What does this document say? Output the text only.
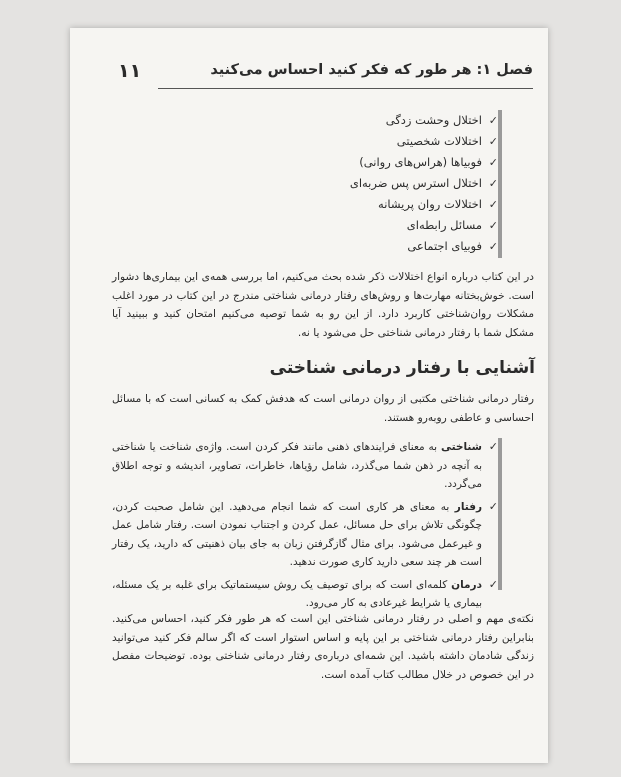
۱۱	فصل ۱: هر طور که فکر کنید احساس می‌کنید
✓
اختلال وحشت زدگی
✓
اختلالات شخصیتی
✓
فوبیاها (هراس‌های روانی)
✓
اختلال استرس پس ضربه‌ای
✓
اختلالات روان پریشانه
✓
مسائل رابطه‌ای
✓
فوبیای اجتماعی
در این کتاب درباره انواع اختلالات ذکر شده بحث می‌کنیم، اما بررسی همه‌ی این بیماری‌ها دشوار است. خوش‌بختانه مهارت‌ها و روش‌های رفتار درمانی شناختی مندرج در این کتاب در مورد اغلب مشکلات روان‌شناختی کاربرد دارد. از این رو به شما توصیه می‌کنیم امتحان کنید و ببینید آیا مشکل شما با رفتار درمانی شناختی حل می‌شود یا نه.
آشنایی با رفتار درمانی شناختی
رفتار درمانی شناختی مکتبی از روان درمانی است که هدفش کمک به کسانی است که با مسائل احساسی و عاطفی روبه‌رو هستند.
✓
شناختی به معنای فرایندهای ذهنی مانند فکر کردن است. واژه‌ی شناخت یا شناختی به آنچه در ذهن شما می‌گذرد، شامل رؤیاها، خاطرات، تصاویر، اندیشه و توجه اطلاق می‌گردد.
✓
رفتار به معنای هر کاری است که شما انجام می‌دهید. این شامل صحبت کردن، چگونگی تلاش برای حل مسائل، عمل کردن و اجتناب نمودن است. رفتار شامل عمل و غیرعمل می‌شود. برای مثال گازگرفتن زبان به جای بیان ذهنیتی که دارید، یک رفتار است هر چند سعی دارید کاری صورت ندهید.
✓
درمان کلمه‌ای است که برای توصیف یک روش سیستماتیک برای غلبه بر یک مسئله، بیماری یا شرایط غیرعادی به کار می‌رود.
نکته‌ی مهم و اصلی در رفتار درمانی شناختی این است که هر طور فکر کنید، احساس می‌کنید. بنابراین رفتار درمانی شناختی بر این پایه و اساس استوار است که اگر سالم فکر کنید می‌توانید زندگی شادمان داشته باشید. این شمه‌ای درباره‌ی رفتار درمانی شناختی بوده. توضیحات مفصل در این خصوص در خلال مطالب کتاب آمده است.
